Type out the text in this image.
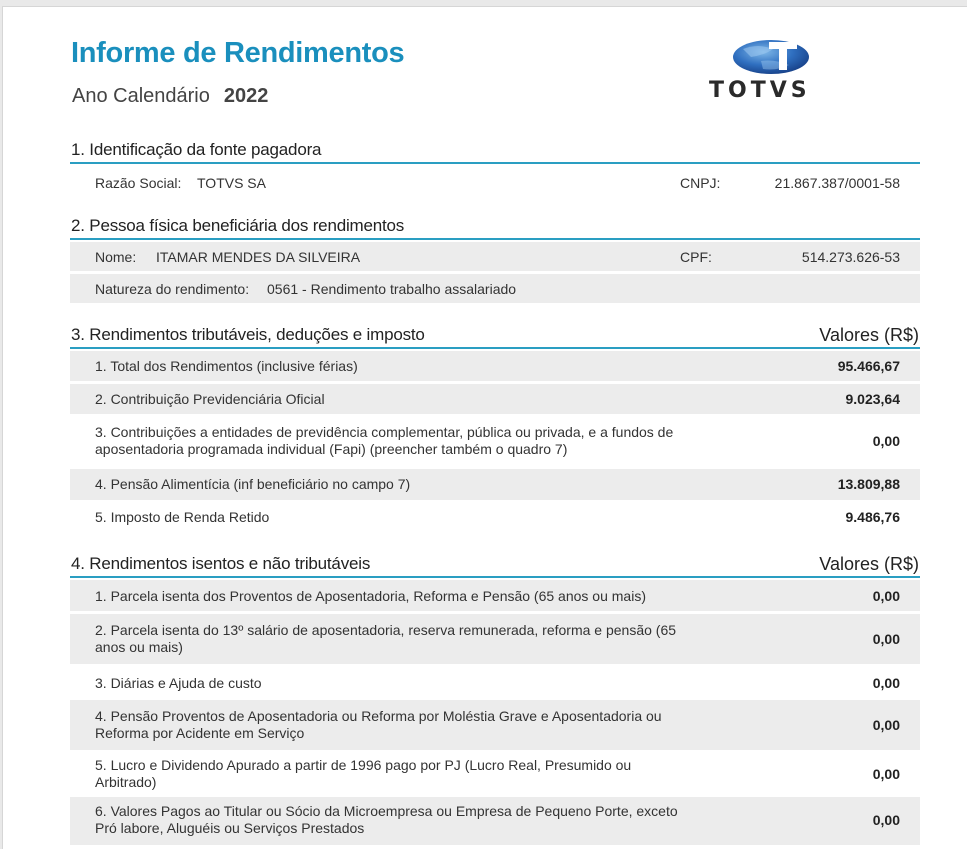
Informe de Rendimentos
Ano Calendário 2022	TOTVS
1. Identificação da fonte pagadora
Razão Social: TOTVS SA	CNPJ:	21.867.387/0001-58
2. Pessoa física beneficiária dos rendimentos
Nome: ITAMAR MENDES DA SILVEIRA	CPF:	514.273.626-53
Natureza do rendimento: 0561 - Rendimento trabalho assalariado
3. Rendimentos tributáveis, deduções e imposto	Valores (R$)
1. Total dos Rendimentos (inclusive férias)	95.466,67
2. Contribuição Previdenciária Oficial	9.023,64
3. Contribuições a entidades de previdência complementar, pública ou privada, e a fundos de
aposentadoria programada individual (Fapi) (preencher também o quadro 7)	0,00
4. Pensão Alimentícia (inf beneficiário no campo 7)	13.809,88
5. Imposto de Renda Retido	9.486,76
4. Rendimentos isentos e não tributáveis	Valores (R$)
1. Parcela isenta dos Proventos de Aposentadoria, Reforma e Pensão (65 anos ou mais)	0,00
2. Parcela isenta do 13º salário de aposentadoria, reserva remunerada, reforma e pensão (65
anos ou mais)	0,00
3. Diárias e Ajuda de custo	0,00
4. Pensão Proventos de Aposentadoria ou Reforma por Moléstia Grave e Aposentadoria ou
Reforma por Acidente em Serviço	0,00
5. Lucro e Dividendo Apurado a partir de 1996 pago por PJ (Lucro Real, Presumido ou
Arbitrado)	0,00
6. Valores Pagos ao Titular ou Sócio da Microempresa ou Empresa de Pequeno Porte, exceto
Pró labore, Aluguéis ou Serviços Prestados	0,00
